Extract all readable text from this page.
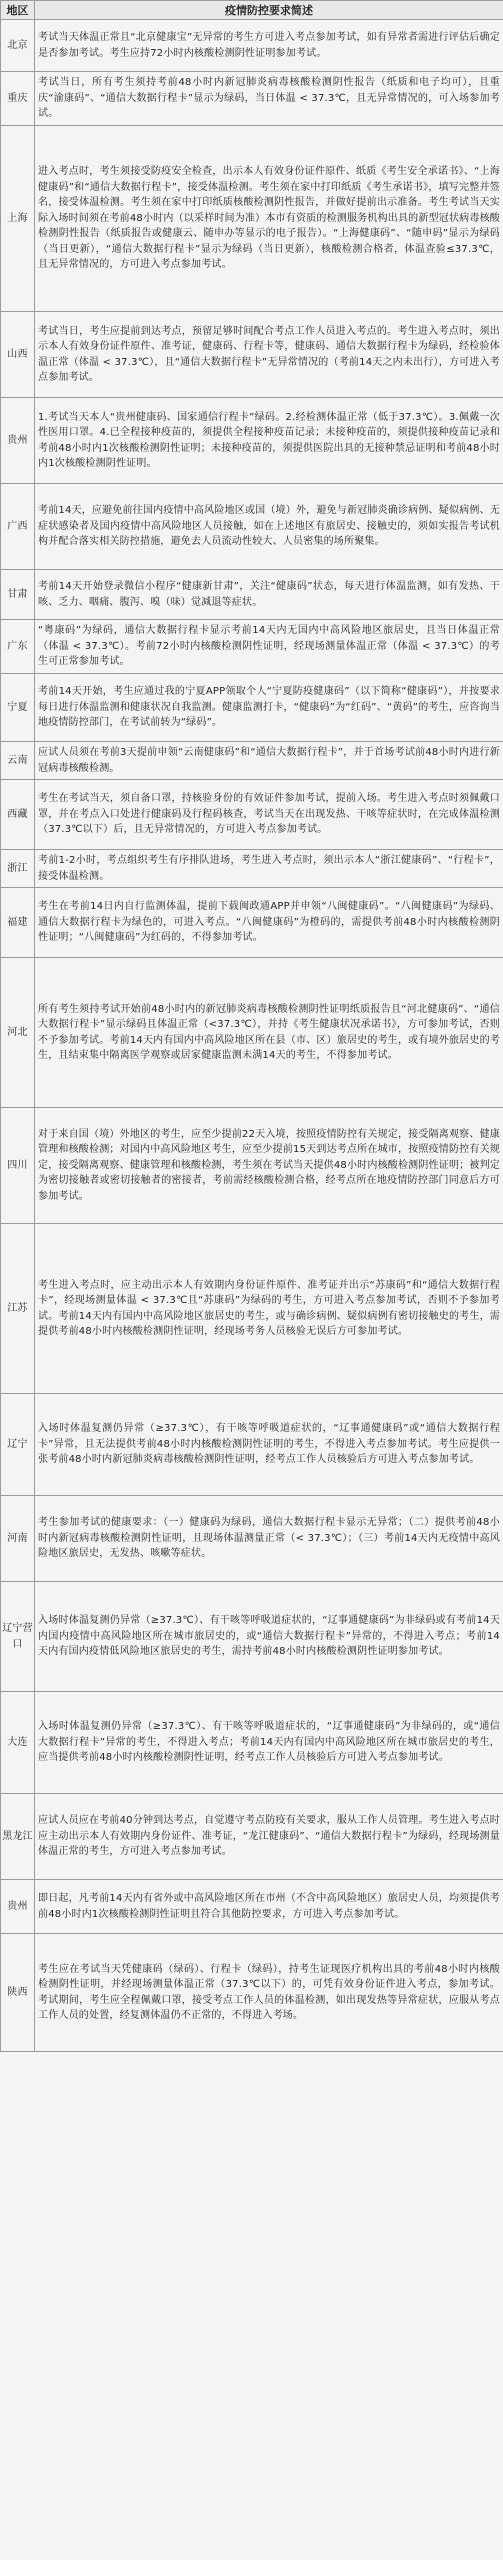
地区	疫情防控要求简述
北京	考试当天体温正常且“北京健康宝”无异常的考生方可进入考点参加考试，如有异常者需进行评估后确定是否参加考试。考生应持72小时内核酸检测阴性证明参加考试。
重庆	考试当日，所有考生须持考前48小时内新冠肺炎病毒核酸检测阴性报告（纸质和电子均可），且重庆“渝康码”、“通信大数据行程卡”显示为绿码，当日体温 < 37.3℃，且无异常情况的，可入场参加考试。
上海	进入考点时，考生须接受防疫安全检查，出示本人有效身份证件原件、纸质《考生安全承诺书》、“上海健康码”和“通信大数据行程卡”，接受体温检测。考生须在家中打印纸质《考生承诺书》，填写完整并签名，接受体温检测。考生须在家中打印纸质核酸检测阴性报告，并做好提前出示准备。考生考试当天实际入场时间须在考前48小时内（以采样时间为准）本市有资质的检测服务机构出具的新型冠状病毒核酸检测阴性报告（纸质报告或健康云、随申办等显示的电子报告）。“上海健康码”、“随申码”显示为绿码（当日更新），“通信大数据行程卡”显示为绿码（当日更新），核酸检测合格者，体温查验≤37.3℃，且无异常情况的，方可进入考点参加考试。
山西	考试当日，考生应提前到达考点，预留足够时间配合考点工作人员进入考点的。考生进入考点时，须出示本人有效身份证件原件、准考证，健康码、行程卡等，健康码、通信大数据行程卡为绿码，经检验体温正常（体温 < 37.3℃），且“通信大数据行程卡”无异常情况的（考前14天之内未出行），方可进入考点参加考试。
贵州	1.考试当天本人“贵州健康码、国家通信行程卡”绿码。2.经检测体温正常（低于37.3℃）。3.佩戴一次性医用口罩。4.已全程接种疫苗的，须提供全程接种疫苗记录；未接种疫苗的，须提供接种疫苗记录和考前48小时内1次核酸检测阴性证明；未接种疫苗的，须提供医院出具的无接种禁忌证明和考前48小时内1次核酸检测阴性证明。
广西	考前14天，应避免前往国内疫情中高风险地区或国（境）外，避免与新冠肺炎确诊病例、疑似病例、无症状感染者及国内疫情中高风险地区人员接触，如在上述地区有旅居史、接触史的，须如实报告考试机构并配合落实相关防控措施，避免去人员流动性较大、人员密集的场所聚集。
甘肃	考前14天开始登录微信小程序“健康新甘肃”，关注“健康码”状态，每天进行体温监测，如有发热、干咳、乏力、咽痛、腹泻、嗅（味）觉减退等症状。
广东	“粤康码”为绿码，通信大数据行程卡显示考前14天内无国内中高风险地区旅居史，且当日体温正常（体温 < 37.3℃）。考前72小时内核酸检测阴性证明，经现场测量体温正常（体温 < 37.3℃）的考生可正常参加考试。
宁夏	考前14天开始，考生应通过我的宁夏APP领取个人“宁夏防疫健康码”（以下简称“健康码”），并按要求每日进行体温监测和健康状况自我监测。健康监测打卡，“健康码”为“红码”、“黄码”的考生，应咨询当地疫情防控部门，在考试前转为“绿码”。
云南	应试人员须在考前3天提前申领“云南健康码”和“通信大数据行程卡”，并于首场考试前48小时内进行新冠病毒核酸检测。
西藏	考生在考试当天，须自备口罩，持核验身份的有效证件参加考试，提前入场。考生进入考点时须佩戴口罩，并在考点入口处进行健康码及行程码核查，考试当天在出现发热、干咳等症状时，在完成体温检测（37.3℃以下）后，且无异常情况的，方可进入考点参加考试。
浙江	考前1-2小时，考点组织考生有序排队进场，考生进入考点时，须出示本人“浙江健康码”、“行程卡”，接受体温检测。
福建	考生在考前14日内自行监测体温，提前下载闽政通APP并申领“八闽健康码”。“八闽健康码”为绿码、通信大数据行程卡为绿色的，可进入考点。“八闽健康码”为橙码的，需提供考前48小时内核酸检测阴性证明；“八闽健康码”为红码的，不得参加考试。
河北	所有考生须持考试开始前48小时内的新冠肺炎病毒核酸检测阴性证明纸质报告且“河北健康码”、“通信大数据行程卡”显示绿码且体温正常（<37.3℃），并持《考生健康状况承诺书》，方可参加考试，否则不予参加考试。考前14天内有国内中高风险地区所在县（市、区）旅居史的考生，或有境外旅居史的考生，且结束集中隔离医学观察或居家健康监测未满14天的考生，不得参加考试。
四川	对于来自国（境）外地区的考生，应至少提前22天入境，按照疫情防控有关规定，接受隔离观察、健康管理和核酸检测；对国内中高风险地区考生，应至少提前15天到达考点所在城市，按照疫情防控有关规定，接受隔离观察、健康管理和核酸检测，考生须在考试当天提供48小时内核酸检测阴性证明；被判定为密切接触者或密切接触者的密接者，考前需经核酸检测合格，经考点所在地疫情防控部门同意后方可参加考试。
江苏	考生进入考点时，应主动出示本人有效期内身份证件原件、准考证并出示“苏康码”和“通信大数据行程卡”，经现场测量体温 < 37.3℃且“苏康码”为绿码的考生，方可进入考点参加考试，否则不予参加考试。考前14天内有国内中高风险地区旅居史的考生，或与确诊病例、疑似病例有密切接触史的考生，需提供考前48小时内核酸检测阴性证明，经现场考务人员核验无误后方可参加考试。
辽宁	入场时体温复测仍异常（≥37.3℃），有干咳等呼吸道症状的，“辽事通健康码”或“通信大数据行程卡”异常，且无法提供考前48小时内核酸检测阴性证明的考生，不得进入考点参加考试。考生应提供一张考前48小时内新冠肺炎病毒核酸检测阴性证明，经考点工作人员核验后方可进入考点参加考试。
河南	考生参加考试的健康要求：（一）健康码为绿码，通信大数据行程卡显示无异常；（二）提供考前48小时内新冠病毒核酸检测阴性证明，且现场体温测量正常（< 37.3℃）；（三）考前14天内无疫情中高风险地区旅居史，无发热、咳嗽等症状。
辽宁营口	入场时体温复测仍异常（≥37.3℃）、有干咳等呼吸道症状的，“辽事通健康码”为非绿码或有考前14天内国内疫情中高风险地区所在城市旅居史的，或“通信大数据行程卡”异常的，不得进入考点；考前14天内有国内疫情低风险地区旅居史的考生，需持考前48小时内核酸检测阴性证明参加考试。
大连	入场时体温复测仍异常（≥37.3℃）、有干咳等呼吸道症状的，“辽事通健康码”为非绿码的，或“通信大数据行程卡”异常的考生，不得进入考点；考前14天内有国内中高风险地区所在城市旅居史的考生，应当提供考前48小时内核酸检测阴性证明，经考点工作人员核验后方可进入考点参加考试。
黑龙江	应试人员应在考前40分钟到达考点，自觉遵守考点防疫有关要求，服从工作人员管理。考生进入考点时应主动出示本人有效期内身份证件、准考证，“龙江健康码”、“通信大数据行程卡”为绿码，经现场测量体温正常的考生，方可进入考点参加考试。
贵州	即日起，凡考前14天内有省外或中高风险地区所在市州（不含中高风险地区）旅居史人员，均须提供考前48小时内1次核酸检测阴性证明且符合其他防控要求，方可进入考点参加考试。
陕西	考生应在考试当天凭健康码（绿码）、行程卡（绿码），持考生证现医疗机构出具的考前48小时内核酸检测阴性证明，并经现场测量体温正常（37.3℃以下）的，可凭有效身份证件进入考点，参加考试。考试期间，考生应全程佩戴口罩，接受考点工作人员的体温检测，如出现发热等异常症状，应服从考点工作人员的处置，经复测体温仍不正常的，不得进入考场。
